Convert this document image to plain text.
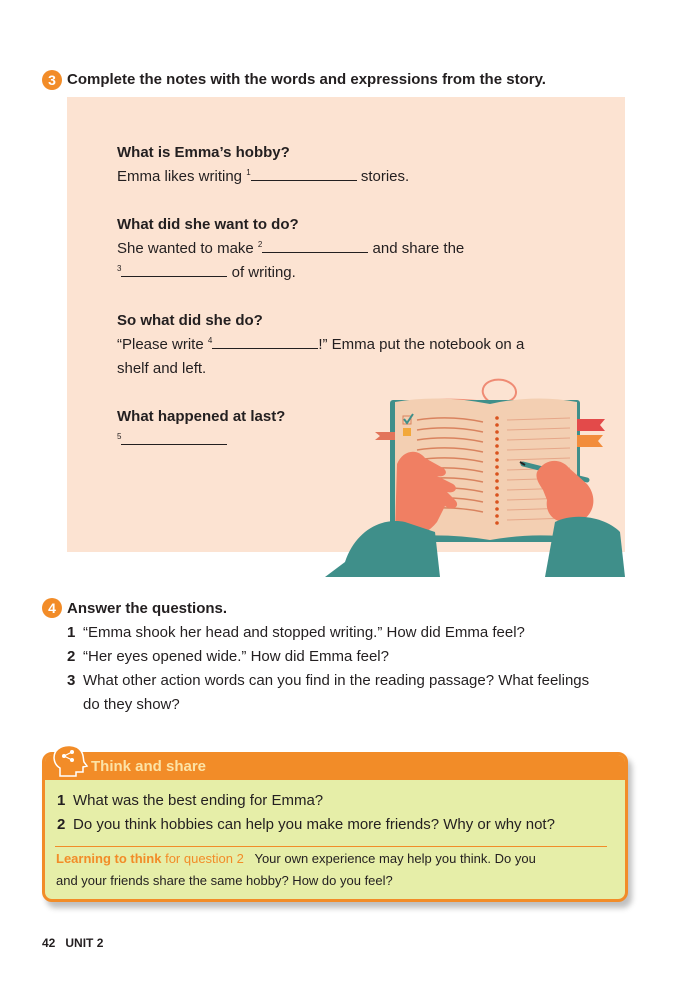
3 Complete the notes with the words and expressions from the story.
What is Emma’s hobby?
Emma likes writing $^1$	stories.
What did she want to do?
She wanted to make $^2$	and share the
$^3$	of writing.
So what did she do?
“Please write $^4$	!” Emma put the notebook on a
shelf and left.
What happened at last?
$^5$
4 Answer the questions.
1 “Emma shook her head and stopped writing.” How did Emma feel?
2 “Her eyes opened wide.” How did Emma feel?
3 What other action words can you find in the reading passage? What feelings
do they show?
Think and share
1 What was the best ending for Emma?
2 Do you think hobbies can help you make more friends? Why or why not?
Learning to think for question 2 Your own experience may help you think. Do you
and your friends share the same hobby? How do you feel?
42 UNIT 2
